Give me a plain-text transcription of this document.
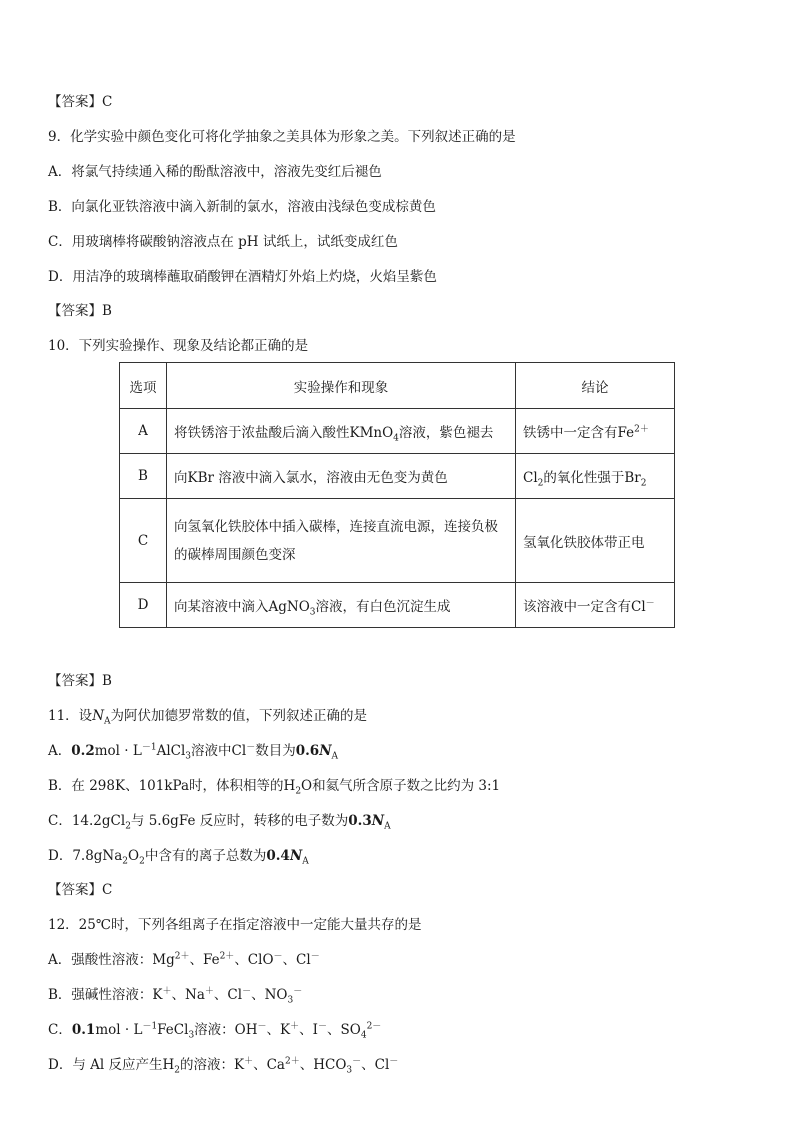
【答案】C
9．化学实验中颜色变化可将化学抽象之美具体为形象之美。下列叙述正确的是
A．将氯气持续通入稀的酚酞溶液中，溶液先变红后褪色
B．向氯化亚铁溶液中滴入新制的氯水，溶液由浅绿色变成棕黄色
C．用玻璃棒将碳酸钠溶液点在 pH 试纸上，试纸变成红色
D．用洁净的玻璃棒蘸取硝酸钾在酒精灯外焰上灼烧，火焰呈紫色
【答案】B
10．下列实验操作、现象及结论都正确的是
选项	实验操作和现象	结论
A	将铁锈溶于浓盐酸后滴入酸性KMnO$_4$溶液，紫色褪去	铁锈中一定含有$Fe^{2+}$
B	向KBr 溶液中滴入氯水，溶液由无色变为黄色	$Cl_2$的氧化性强于$Br_2$
C	向氢氧化铁胶体中插入碳棒，连接直流电源，连接负极
的碳棒周围颜色变深	氢氧化铁胶体带正电
D	向某溶液中滴入AgNO$_3$溶液，有白色沉淀生成	该溶液中一定含有Cl－
【答案】B
11．设$N_A$为阿伏加德罗常数的值，下列叙述正确的是
A．$0.2mol \cdot L^{-1}AlCl_3$溶液中Cl－数目为$0.6N_A$
B．在 298K、101kPa时，体积相等的$H_2O$和氦气所含原子数之比约为 3:1
C．14.2gCl$_2$与 5.6gFe 反应时，转移的电子数为$0.3N_A$
D．$7.8gNa_2O_2$中含有的离子总数为$0.4N_A$
【答案】C
12．25℃时，下列各组离子在指定溶液中一定能大量共存的是
A．强酸性溶液：$Mg^{2+}$、$Fe^{2+}$、ClO－、Cl－
B．强碱性溶液：K＋、Na＋、Cl－、$NO_3^-$
C．$0.1mol \cdot L^{-1}FeCl_3$溶液：OH－、K＋、I－、$SO_4^{2-}$
D．与 Al 反应产生$H_2$的溶液：K＋、$Ca^{2+}$、$HCO_3^-$、Cl－
